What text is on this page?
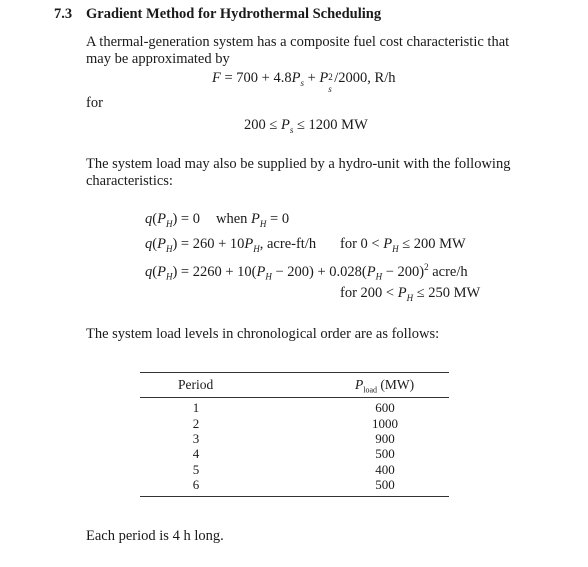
7.3 Gradient Method for Hydrothermal Scheduling
A thermal-generation system has a composite fuel cost characteristic that
may be approximated by
$F = 700 + 4.8P_s + P$ 2
s
/2000, R/h
for
$200 \le P_s \le 1200$ MW
The system load may also be supplied by a hydro-unit with the following
characteristics:
$q(P_H) = 0$ when $P_H = 0$
$q(P_H) = 260 + 10P_H$, acre-ft/h for $0 < P_H \le 200$ MW
$q(P_H) = 2260 + 10(P_H - 200) + 0.028(P_H - 200)^2$ acre/h
for $200 < P_H \le 250$ MW
The system load levels in chronological order are as follows:
Period	$P_{load}$ (MW)
1	600
2	1000
3	900
4	500
5	400
6	500
Each period is 4 h long.
